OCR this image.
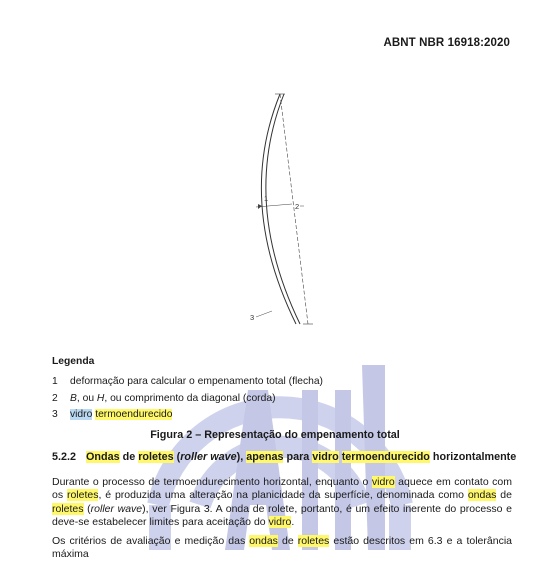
ABNT NBR 16918:2020
1
2
3
Legenda
1 deformação para calcular o empenamento total (flecha)
2 B, ou H, ou comprimento da diagonal (corda)
3 vidro termoendurecido
Figura 2 – Representação do empenamento total
5.2.2 Ondas de roletes (roller wave), apenas para vidro termoendurecido horizontalmente
Durante o processo de termoendurecimento horizontal, enquanto o vidro aquece em contato com os roletes, é produzida uma alteração na planicidade da superfície, denominada como ondas de roletes (roller wave), ver Figura 3. A onda de rolete, portanto, é um efeito inerente do processo e deve-se estabelecer limites para aceitação do vidro.
Os critérios de avaliação e medição das ondas de roletes estão descritos em 6.3 e a tolerância máxima
